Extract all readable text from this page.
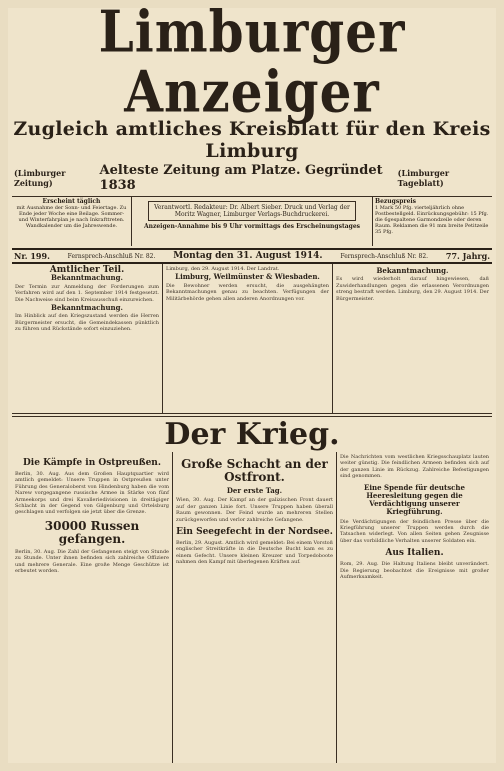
Limburger Anzeiger
Zugleich amtliches Kreisblatt für den Kreis Limburg
(Limburger Zeitung)
Aelteste Zeitung am Platze. Gegründet 1838
(Limburger Tageblatt)
Erscheint täglich
mit Ausnahme der Sonn- und Feiertage. Zu Ende jeder Woche eine Beilage. Sommer- und Winterfahrplan je nach Inkrafttreten. Wandkalender um die Jahreswende.
Verantwortl. Redakteur: Dr. Albert Sieber. Druck und Verlag der Moritz Wagner, Limburger Verlags-Buchdruckerei.
Anzeigen-Annahme bis 9 Uhr vormittags des Erscheinungstages
Bezugspreis
1 Mark 50 Pfg. vierteljährlich ohne Postbestellgeld. Einrückungsgebühr: 15 Pfg. die 6gespaltene Garmondzeile oder deren Raum. Reklamen die 91 mm breite Petitzeile 35 Pfg.
Nr. 199.	Fernsprech-Anschluß Nr. 82. Montag den 31. August 1914.	Fernsprech-Anschluß Nr. 82. 77. Jahrg.
Amtlicher Teil.
Bekanntmachung.
Der Termin zur Anmeldung der Forderungen zum Verfahren wird auf den 1. September 1914 festgesetzt. Die Nachweise sind beim Kreisausschuß einzureichen.
Bekanntmachung.
Im Hinblick auf den Kriegszustand werden die Herren Bürgermeister ersucht, die Gemeindekassen pünktlich zu führen und Rückstände sofort einzuziehen.
Limburg, den 29. August 1914. Der Landrat.
Limburg, Weilmünster & Wiesbaden.
Die Bewohner werden ersucht, die ausgehängten Bekanntmachungen genau zu beachten. Verfügungen der Militärbehörde gehen allen anderen Anordnungen vor.
Bekanntmachung.
Es wird wiederholt darauf hingewiesen, daß Zuwiderhandlungen gegen die erlassenen Verordnungen streng bestraft werden. Limburg, den 29. August 1914. Der Bürgermeister.
Der Krieg.
Die Kämpfe in Ostpreußen.
Berlin, 30. Aug. Aus dem Großen Hauptquartier wird amtlich gemeldet: Unsere Truppen in Ostpreußen unter Führung des Generaloberst von Hindenburg haben die vom Narew vorgegangene russische Armee in Stärke von fünf Armeekorps und drei Kavalleriedivisionen in dreitägiger Schlacht in der Gegend von Gilgenburg und Ortelsburg geschlagen und verfolgen sie jetzt über die Grenze.
30000 Russen gefangen.
Berlin, 30. Aug. Die Zahl der Gefangenen steigt von Stunde zu Stunde. Unter ihnen befinden sich zahlreiche Offiziere und mehrere Generale. Eine große Menge Geschütze ist erbeutet worden.
Große Schacht an der Ostfront.
Der erste Tag.
Wien, 30. Aug. Der Kampf an der galizischen Front dauert auf der ganzen Linie fort. Unsere Truppen haben überall Raum gewonnen. Der Feind wurde an mehreren Stellen zurückgeworfen und verlor zahlreiche Gefangene.
Ein Seegefecht in der Nordsee.
Berlin, 29. August. Amtlich wird gemeldet: Bei einem Vorstoß englischer Streitkräfte in die Deutsche Bucht kam es zu einem Gefecht. Unsere kleinen Kreuzer und Torpedoboote nahmen den Kampf mit überlegenen Kräften auf.
Die Nachrichten vom westlichen Kriegsschauplatz lauten weiter günstig. Die feindlichen Armeen befinden sich auf der ganzen Linie im Rückzug. Zahlreiche Befestigungen sind genommen.
Eine Spende für deutsche Heeresleitung gegen die Verdächtigung unserer Kriegführung.
Die Verdächtigungen der feindlichen Presse über die Kriegführung unserer Truppen werden durch die Tatsachen widerlegt. Von allen Seiten gehen Zeugnisse über das vorbildliche Verhalten unserer Soldaten ein.
Aus Italien.
Rom, 29. Aug. Die Haltung Italiens bleibt unverändert. Die Regierung beobachtet die Ereignisse mit großer Aufmerksamkeit.
